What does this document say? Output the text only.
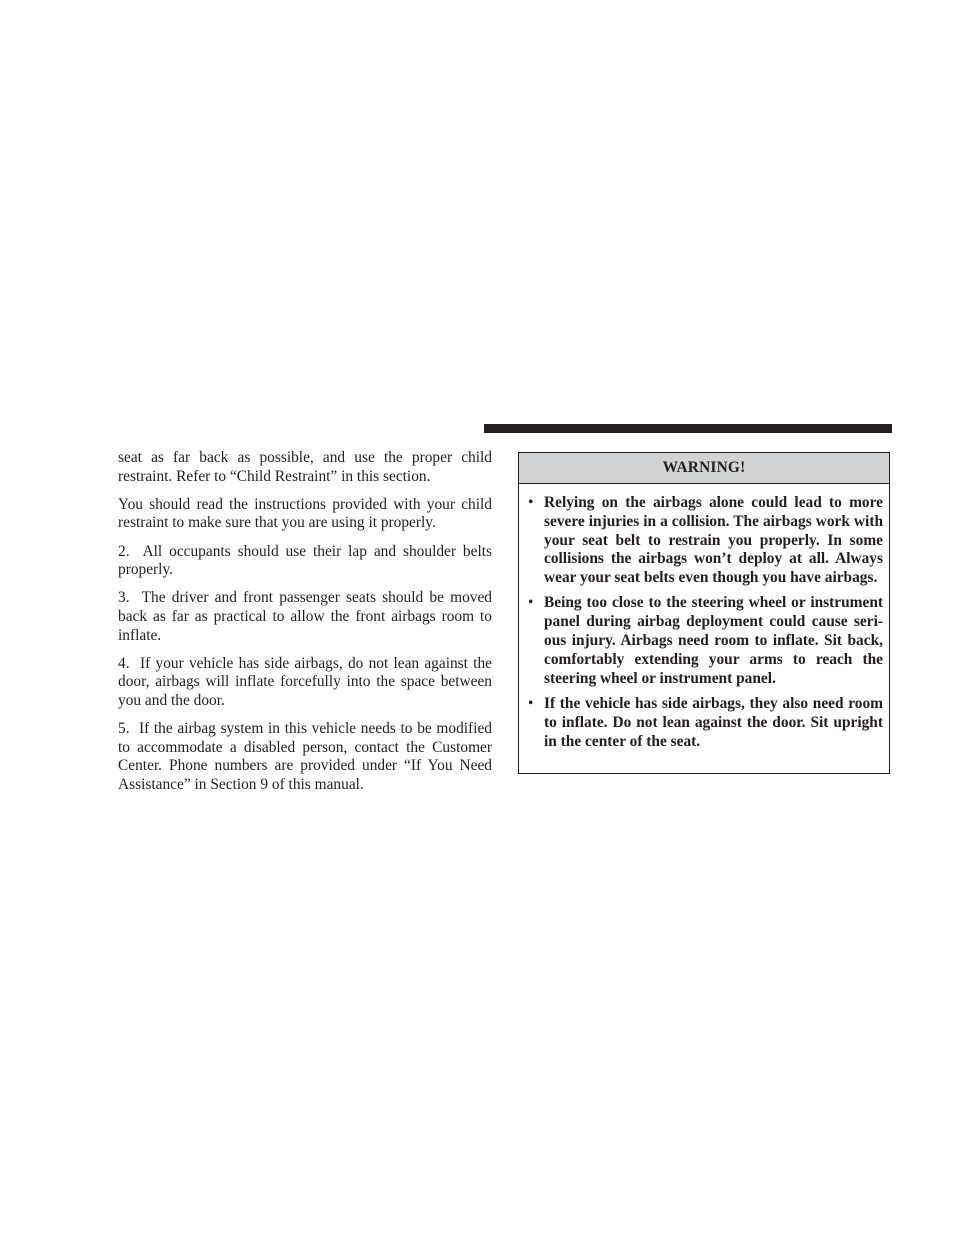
seat as far back as possible, and use the proper child restraint. Refer to “Child Restraint” in this section.

You should read the instructions provided with your child restraint to make sure that you are using it properly.

2.  All occupants should use their lap and shoulder belts properly.

3.  The driver and front passenger seats should be moved back as far as practical to allow the front airbags room to inflate.

4.  If your vehicle has side airbags, do not lean against the door, airbags will inflate forcefully into the space between you and the door.

5.  If the airbag system in this vehicle needs to be modified to accommodate a disabled person, contact the Customer Center. Phone numbers are provided under “If You Need Assistance” in Section 9 of this manual.

WARNING!
• Relying on the airbags alone could lead to more severe injuries in a collision. The airbags work with your seat belt to restrain you properly. In some collisions the airbags won’t deploy at all. Always wear your seat belts even though you have airbags.
• Being too close to the steering wheel or instrument panel during airbag deployment could cause serious injury. Airbags need room to inflate. Sit back, comfortably extending your arms to reach the steering wheel or instrument panel.
• If the vehicle has side airbags, they also need room to inflate. Do not lean against the door. Sit upright in the center of the seat.
